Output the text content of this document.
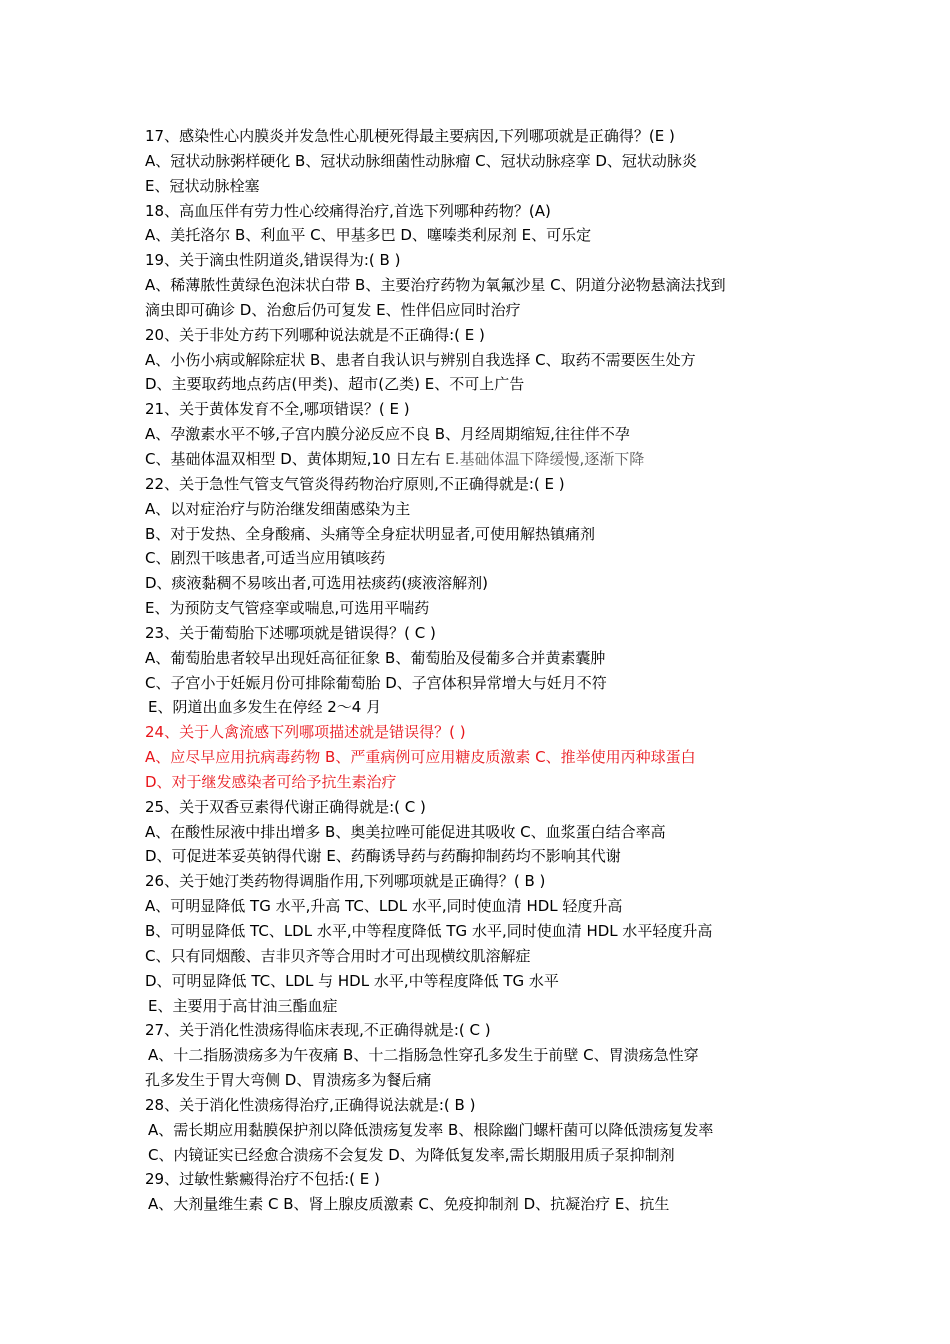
17、感染性心内膜炎并发急性心肌梗死得最主要病因,下列哪项就是正确得？(E )
A、冠状动脉粥样硬化 B、冠状动脉细菌性动脉瘤 C、冠状动脉痉挛 D、冠状动脉炎
E、冠状动脉栓塞
18、高血压伴有劳力性心绞痛得治疗,首选下列哪种药物？(A)
A、美托洛尔 B、利血平 C、甲基多巴 D、噻嗪类利尿剂 E、可乐定
19、关于滴虫性阴道炎,错误得为:( B )
A、稀薄脓性黄绿色泡沫状白带 B、主要治疗药物为氧氟沙星 C、阴道分泌物悬滴法找到
滴虫即可确诊 D、治愈后仍可复发 E、性伴侣应同时治疗
20、关于非处方药下列哪种说法就是不正确得:( E )
A、小伤小病或解除症状 B、患者自我认识与辨别自我选择 C、取药不需要医生处方
D、主要取药地点药店(甲类)、超市(乙类) E、不可上广告
21、关于黄体发育不全,哪项错误？( E )
A、孕激素水平不够,子宫内膜分泌反应不良 B、月经周期缩短,往往伴不孕
C、基础体温双相型 D、黄体期短,10 日左右 E.基础体温下降缓慢,逐渐下降
22、关于急性气管支气管炎得药物治疗原则,不正确得就是:( E )
A、以对症治疗与防治继发细菌感染为主
B、对于发热、全身酸痛、头痛等全身症状明显者,可使用解热镇痛剂
C、剧烈干咳患者,可适当应用镇咳药
D、痰液黏稠不易咳出者,可选用祛痰药(痰液溶解剂)
E、为预防支气管痉挛或喘息,可选用平喘药
23、关于葡萄胎下述哪项就是错误得？( C )
A、葡萄胎患者较早出现妊高征征象 B、葡萄胎及侵葡多合并黄素囊肿
C、子宫小于妊娠月份可排除葡萄胎 D、子宫体积异常增大与妊月不符
E、阴道出血多发生在停经 2～4 月
24、关于人禽流感下列哪项描述就是错误得？( )
A、应尽早应用抗病毒药物 B、严重病例可应用糖皮质激素 C、推举使用丙种球蛋白
D、对于继发感染者可给予抗生素治疗
25、关于双香豆素得代谢正确得就是:( C )
A、在酸性尿液中排出增多 B、奥美拉唑可能促进其吸收 C、血浆蛋白结合率高
D、可促进苯妥英钠得代谢 E、药酶诱导药与药酶抑制药均不影响其代谢
26、关于她汀类药物得调脂作用,下列哪项就是正确得？( B )
A、可明显降低 TG 水平,升高 TC、LDL 水平,同时使血清 HDL 轻度升高
B、可明显降低 TC、LDL 水平,中等程度降低 TG 水平,同时使血清 HDL 水平轻度升高
C、只有同烟酸、吉非贝齐等合用时才可出现横纹肌溶解症
D、可明显降低 TC、LDL 与 HDL 水平,中等程度降低 TG 水平
E、主要用于高甘油三酯血症
27、关于消化性溃疡得临床表现,不正确得就是:( C )
A、十二指肠溃疡多为午夜痛 B、十二指肠急性穿孔多发生于前壁 C、胃溃疡急性穿
孔多发生于胃大弯侧 D、胃溃疡多为餐后痛
28、关于消化性溃疡得治疗,正确得说法就是:( B )
A、需长期应用黏膜保护剂以降低溃疡复发率 B、根除幽门螺杆菌可以降低溃疡复发率
C、内镜证实已经愈合溃疡不会复发 D、为降低复发率,需长期服用质子泵抑制剂
29、过敏性紫癜得治疗不包括:( E )
A、大剂量维生素 C B、肾上腺皮质激素 C、免疫抑制剂 D、抗凝治疗 E、抗生
